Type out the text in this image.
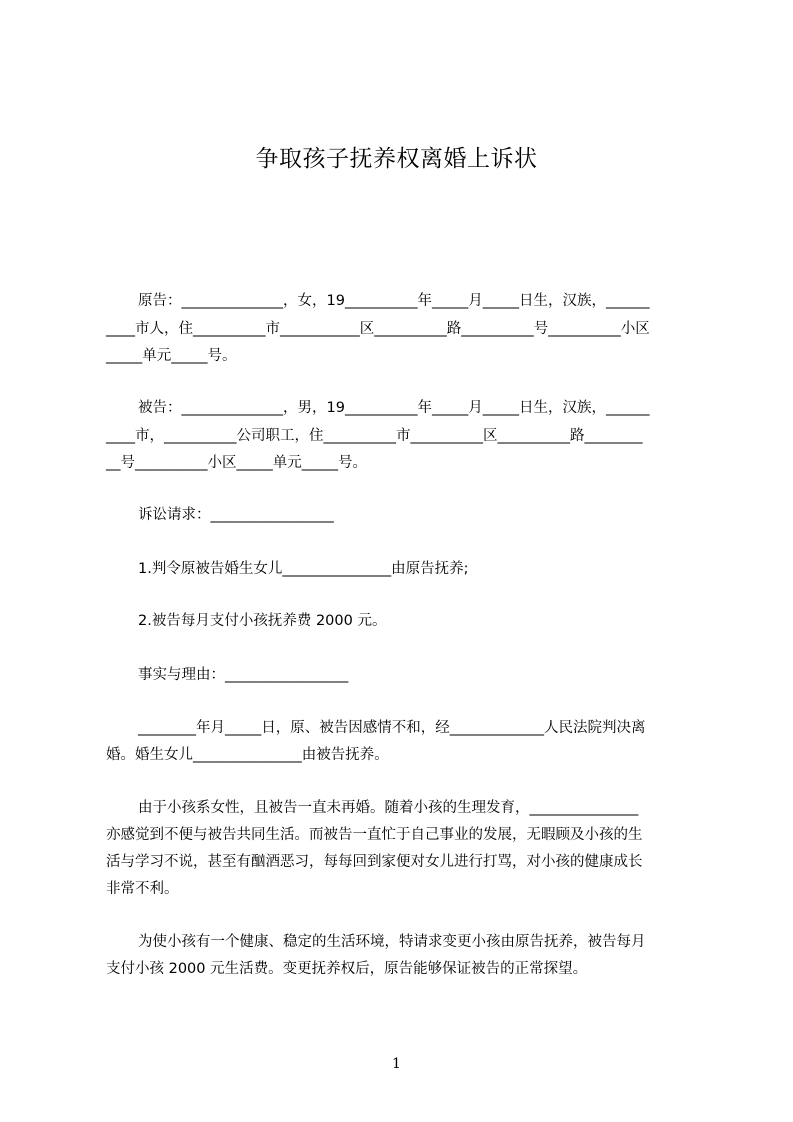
争取孩子抚养权离婚上诉状
原告：______________，女，19__________年_____月_____日生，汉族，______
____市人，住__________市___________区__________路__________号__________小区
_____单元_____号。
被告：______________，男，19__________年_____月_____日生，汉族，______
____市，__________公司职工，住__________市__________区__________路________
__号__________小区_____单元_____号。
诉讼请求：_________________
1.判令原被告婚生女儿_______________由原告抚养;
2.被告每月支付小孩抚养费 2000 元。
事实与理由：_________________
________年月_____日，原、被告因感情不和，经_____________人民法院判决离
婚。婚生女儿_______________由被告抚养。
由于小孩系女性，且被告一直未再婚。随着小孩的生理发育，_______________
亦感觉到不便与被告共同生活。而被告一直忙于自己事业的发展，无暇顾及小孩的生
活与学习不说，甚至有酗酒恶习，每每回到家便对女儿进行打骂，对小孩的健康成长
非常不利。
为使小孩有一个健康、稳定的生活环境，特请求变更小孩由原告抚养，被告每月
支付小孩 2000 元生活费。变更抚养权后，原告能够保证被告的正常探望。
1
